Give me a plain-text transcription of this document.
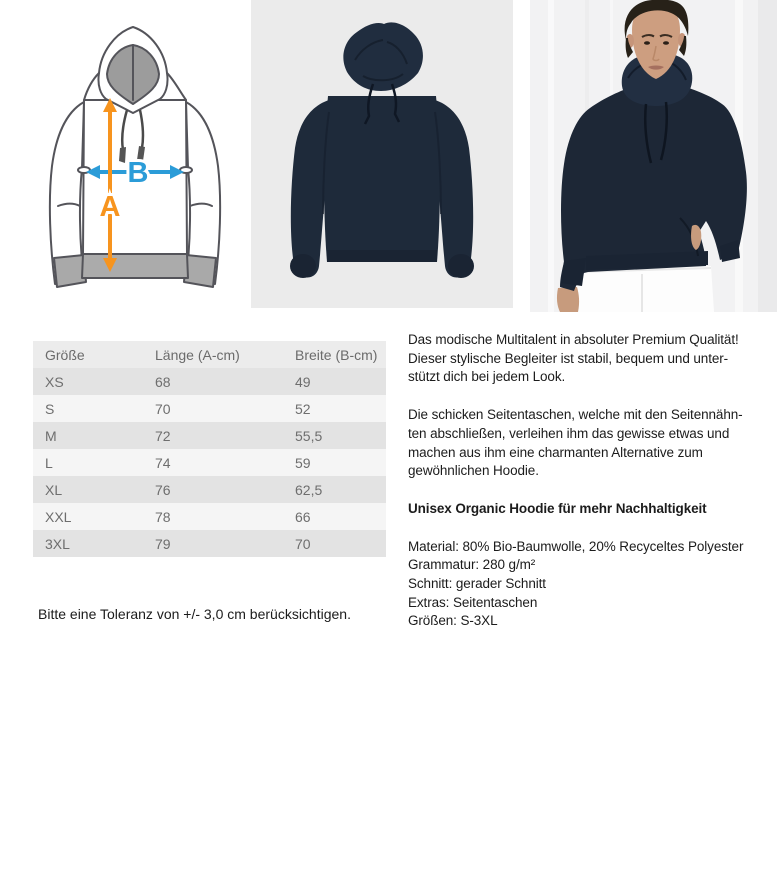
B
A
Größe	Länge (A-cm)	Breite (B-cm)
XS	68	49
S	70	52
M	72	55,5
L	74	59
XL	76	62,5
XXL	78	66
3XL	79	70
Das modische Multitalent in absoluter Premium Qualität!
Dieser stylische Begleiter ist stabil, bequem und unter-
stützt dich bei jedem Look.
Die schicken Seitentaschen, welche mit den Seitennähn-
ten abschließen, verleihen ihm das gewisse etwas und
machen aus ihm eine charmanten Alternative zum
gewöhnlichen Hoodie.
Unisex Organic Hoodie für mehr Nachhaltigkeit
Material: 80% Bio-Baumwolle, 20% Recyceltes Polyester
Grammatur: 280 g/m²
Schnitt: gerader Schnitt
Extras: Seitentaschen
Größen: S-3XL
Bitte eine Toleranz von +/- 3,0 cm berücksichtigen.
